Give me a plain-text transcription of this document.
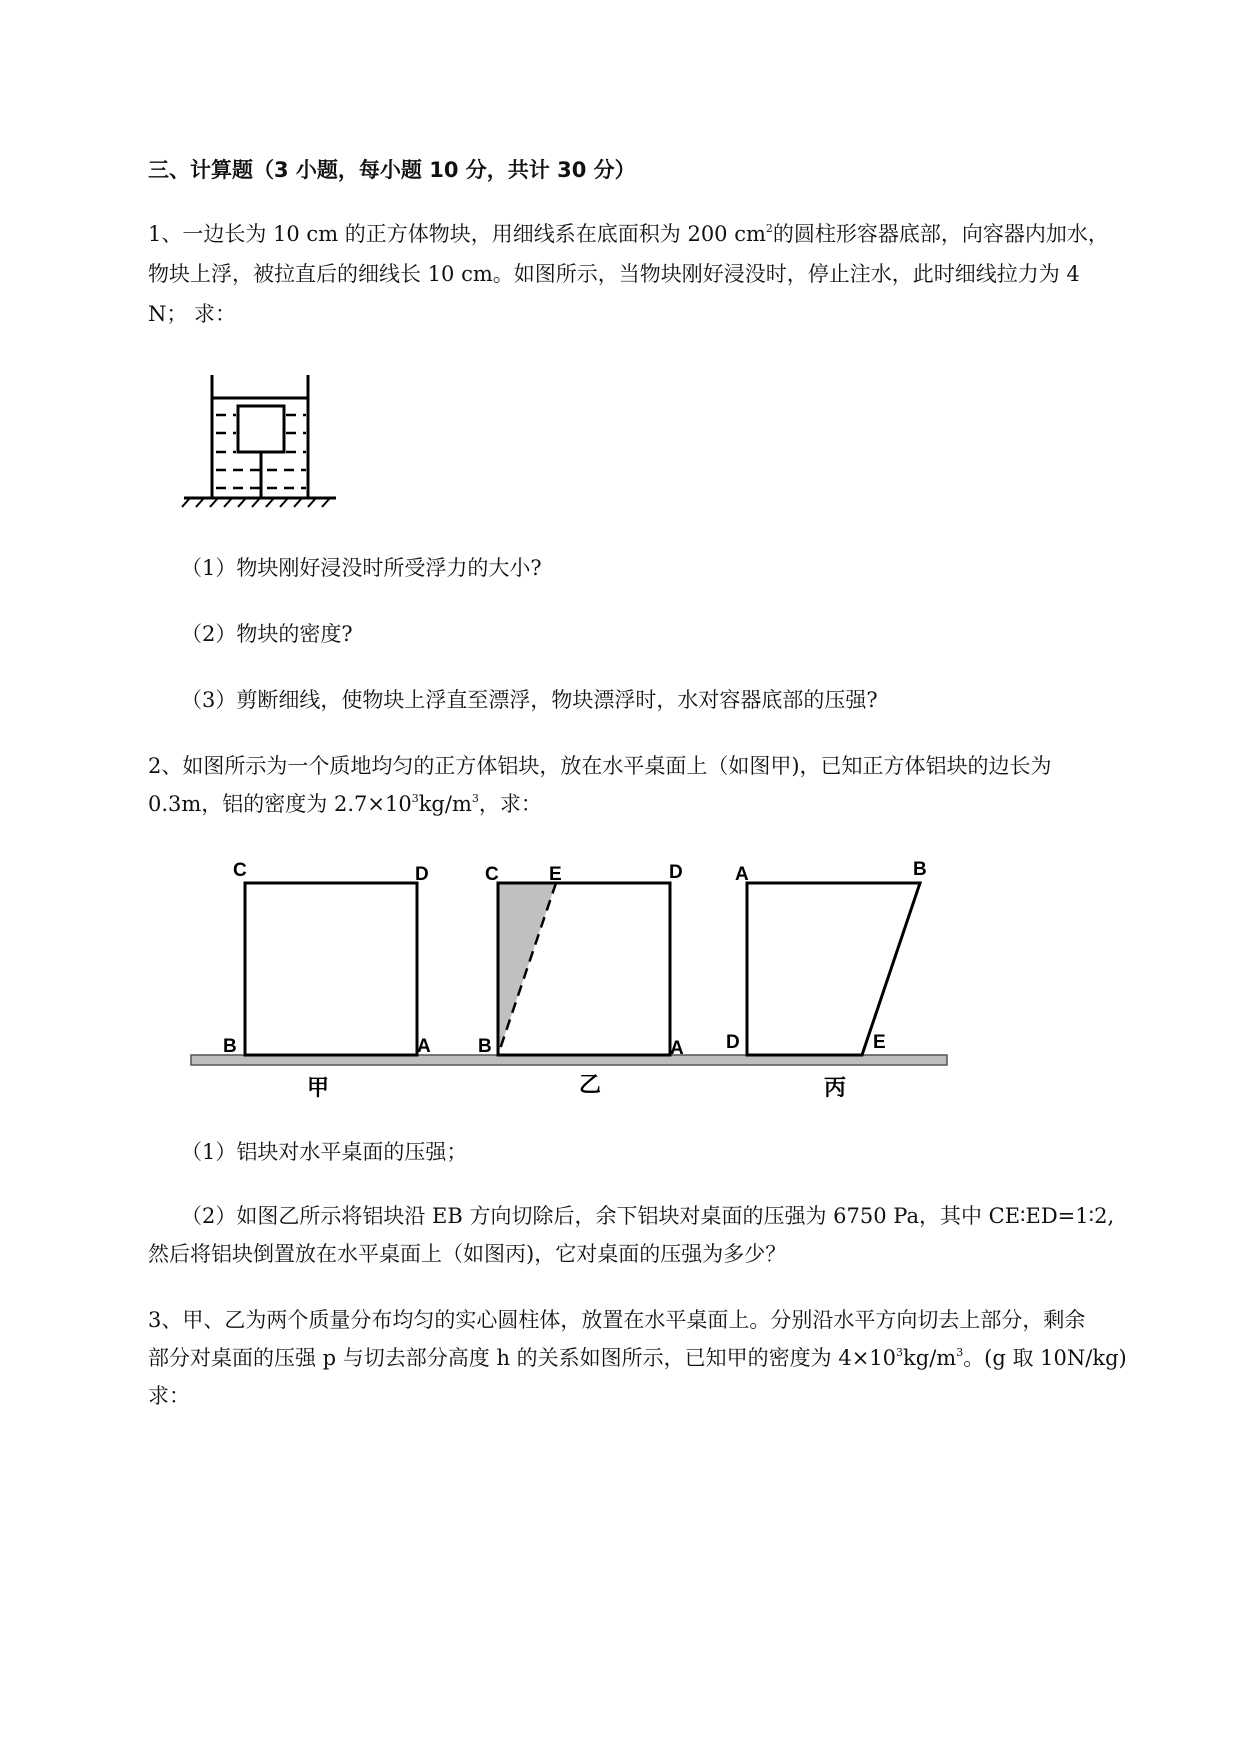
三、计算题（3 小题，每小题 10 分，共计 30 分）
1、一边长为 10 cm 的正方体物块，用细线系在底面积为 200 $cm^2$的圆柱形容器底部，向容器内加水，
物块上浮，被拉直后的细线长 10 cm。如图所示，当物块刚好浸没时，停止注水，此时细线拉力为 4
N； 求：
（1）物块刚好浸没时所受浮力的大小?
（2）物块的密度?
（3）剪断细线，使物块上浮直至漂浮，物块漂浮时，水对容器底部的压强?
2、如图所示为一个质地均匀的正方体铝块，放在水平桌面上（如图甲)，已知正方体铝块的边长为
0.3m，铝的密度为 $2.7\times 10^3kg/m^3$，求：
C	D
B	A
甲
C	E	D
B	A
乙
A	B
D	E
丙
（1）铝块对水平桌面的压强；
（2）如图乙所示将铝块沿 EB 方向切除后，余下铝块对桌面的压强为 6750 Pa，其中 CE∶ED=1∶2,
然后将铝块倒置放在水平桌面上（如图丙)，它对桌面的压强为多少？
3、甲、乙为两个质量分布均匀的实心圆柱体，放置在水平桌面上。分别沿水平方向切去上部分，剩余
部分对桌面的压强 p 与切去部分高度 h 的关系如图所示，已知甲的密度为 $4\times 10^3kg/m^3$。(g 取 10N/kg)
求：
